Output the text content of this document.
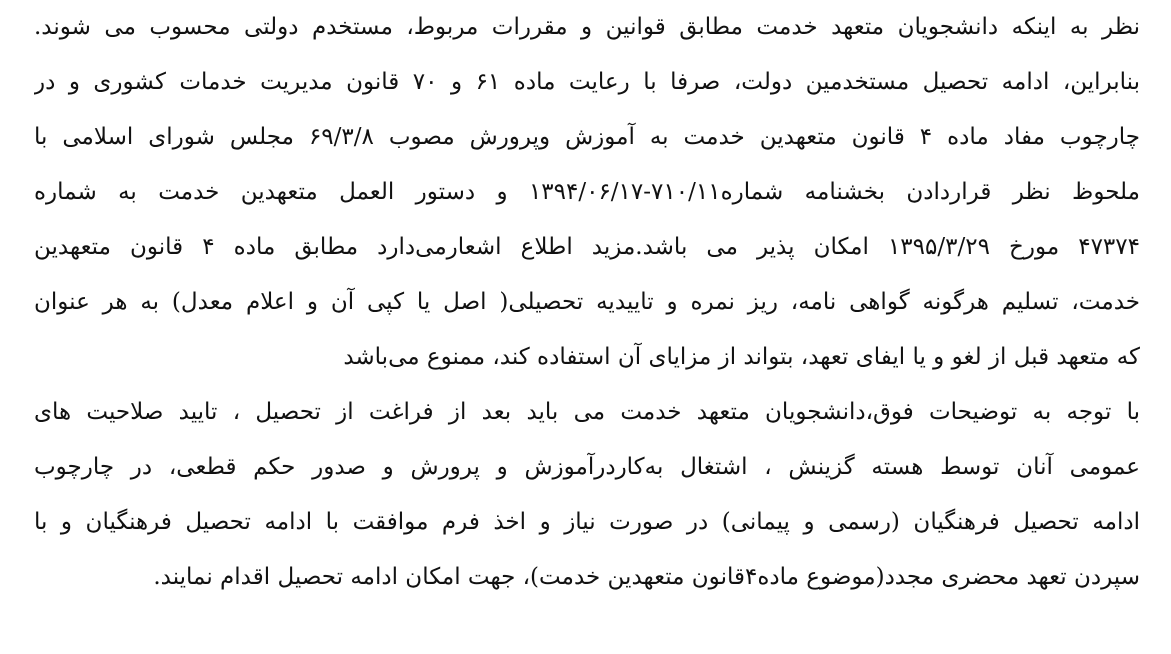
نظر به اینکه دانشجویان متعهد خدمت مطابق قوانین و مقررات مربوط، مستخدم دولتی محسوب می شوند.
بنابراین، ادامه تحصیل مستخدمین دولت، صرفا با رعایت ماده ۶۱ و ۷۰ قانون مدیریت خدمات کشوری و در
چارچوب مفاد ماده ۴ قانون متعهدین خدمت به آموزش وپرورش مصوب ۶۹/۳/۸ مجلس شورای اسلامی با
ملحوظ نظر قراردادن بخشنامه شماره۷۱۰/۱۱-۱۳۹۴/۰۶/۱۷ و دستور العمل متعهدین خدمت به شماره
۴۷۳۷۴ مورخ ۱۳۹۵/۳/۲۹ امکان پذیر می باشد.مزید اطلاع اشعارمی‌دارد مطابق ماده ۴ قانون متعهدین
خدمت، تسلیم هرگونه گواهی نامه، ریز نمره و تاییدیه تحصیلی( اصل یا کپی آن و اعلام معدل) به هر عنوان
که متعهد قبل از لغو و یا ایفای تعهد، بتواند از مزایای آن استفاده کند، ممنوع می‌باشد
با توجه به توضیحات فوق،دانشجویان متعهد خدمت می باید بعد از فراغت از تحصیل ، تایید صلاحیت های
عمومی آنان توسط هسته گزینش ، اشتغال به‌کاردرآموزش و پرورش و صدور حکم قطعی، در چارچوب
ادامه تحصیل فرهنگیان (رسمی و پیمانی) در صورت نیاز و اخذ فرم موافقت با ادامه تحصیل فرهنگیان و با
سپردن تعهد محضری مجدد(موضوع ماده۴قانون متعهدین خدمت)، جهت امکان ادامه تحصیل اقدام نمایند.
